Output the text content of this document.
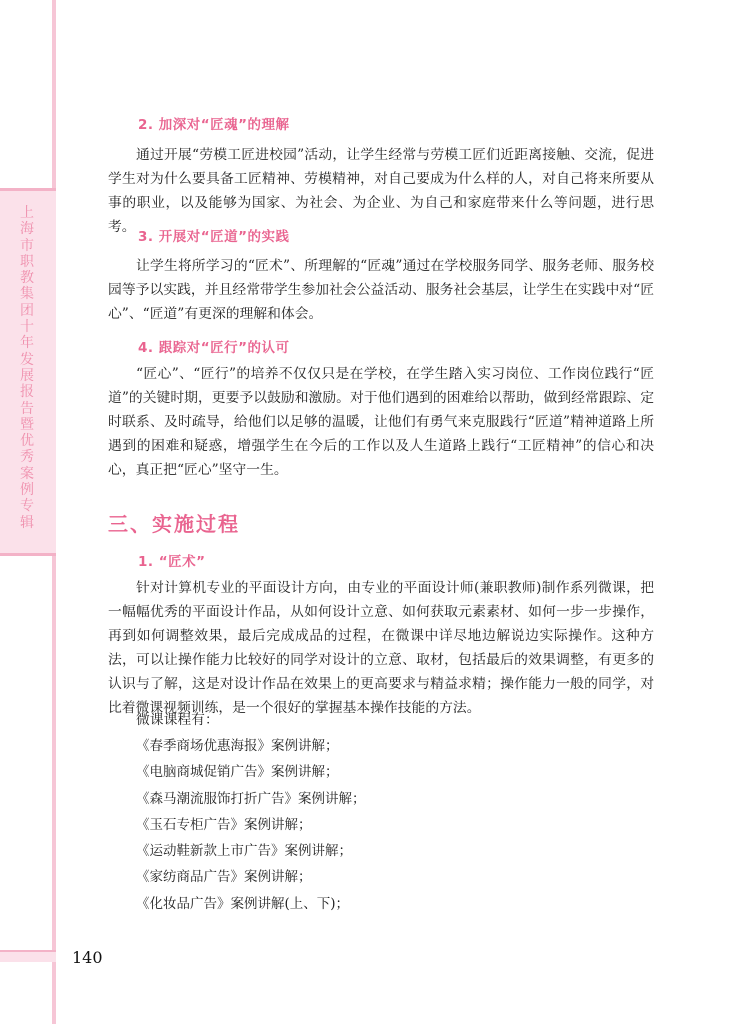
上海市职教集团十年发展报告暨优秀案例专辑
2. 加深对“匠魂”的理解
通过开展“劳模工匠进校园”活动，让学生经常与劳模工匠们近距离接触、交流，促进学生对为什么要具备工匠精神、劳模精神，对自己要成为什么样的人，对自己将来所要从事的职业，以及能够为国家、为社会、为企业、为自己和家庭带来什么等问题，进行思考。
3. 开展对“匠道”的实践
让学生将所学习的“匠术”、所理解的“匠魂”通过在学校服务同学、服务老师、服务校园等予以实践，并且经常带学生参加社会公益活动、服务社会基层，让学生在实践中对“匠心”、“匠道”有更深的理解和体会。
4. 跟踪对“匠行”的认可
“匠心”、“匠行”的培养不仅仅只是在学校，在学生踏入实习岗位、工作岗位践行“匠道”的关键时期，更要予以鼓励和激励。对于他们遇到的困难给以帮助，做到经常跟踪、定时联系、及时疏导，给他们以足够的温暖，让他们有勇气来克服践行“匠道”精神道路上所遇到的困难和疑惑，增强学生在今后的工作以及人生道路上践行“工匠精神”的信心和决心，真正把“匠心”坚守一生。
三、实施过程
1. “匠术”
针对计算机专业的平面设计方向，由专业的平面设计师(兼职教师)制作系列微课，把一幅幅优秀的平面设计作品，从如何设计立意、如何获取元素素材、如何一步一步操作，再到如何调整效果，最后完成成品的过程，在微课中详尽地边解说边实际操作。这种方法，可以让操作能力比较好的同学对设计的立意、取材，包括最后的效果调整，有更多的认识与了解，这是对设计作品在效果上的更高要求与精益求精；操作能力一般的同学，对比着微课视频训练，是一个很好的掌握基本操作技能的方法。
微课课程有：
《春季商场优惠海报》案例讲解；
《电脑商城促销广告》案例讲解；
《森马潮流服饰打折广告》案例讲解；
《玉石专柜广告》案例讲解；
《运动鞋新款上市广告》案例讲解；
《家纺商品广告》案例讲解；
《化妆品广告》案例讲解(上、下)；
140
